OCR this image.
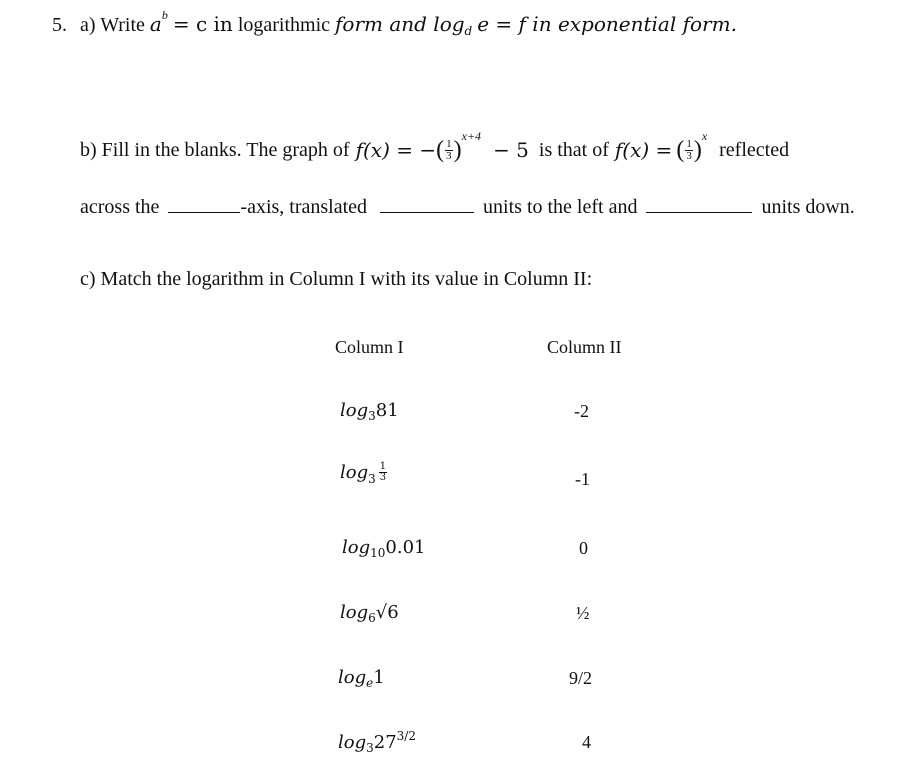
5. a) Write $a^b = c$ in logarithmic form and $\log_d e = f$ in exponential form.
b) Fill in the blanks. The graph of f(x) = − ( $\frac{1}{3}$ )
$^{x+4}$
− 5 is that of f(x) = ( $\frac{1}{3}$ )
$^x$
reflected
across the	-axis, translated	units to the left and	units down.
c) Match the logarithm in Column I with its value in Column II:
Column I	Column II
$\log_381$	-2
$\log_3 \frac{1}{3}$	-1
$\log_{10}0.01$	0
$\log_6√6$	½
$\log_e1$	9/2
$\log_327^{3/2}$	4
